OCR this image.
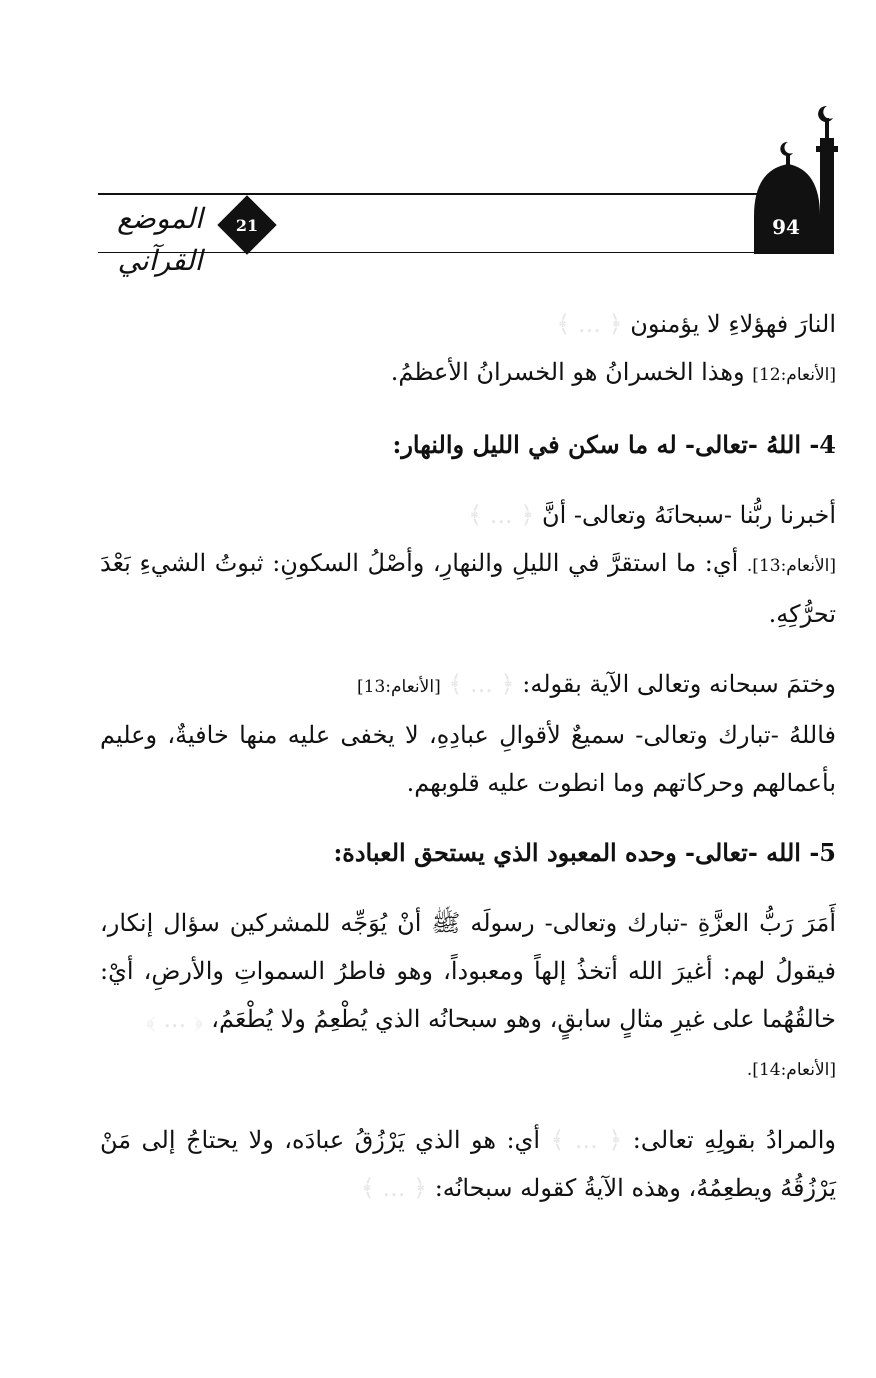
94
21
الموضع القرآني

النارَ فهؤلاءِ لا يؤمنون ﴿ ... ﴾
[الأنعام:12] وهذا الخسرانُ هو الخسرانُ الأعظمُ.

4- اللهُ -تعالى- له ما سكن في الليل والنهار:

أخبرنا ربُّنا -سبحانَهُ وتعالى- أنَّ ﴿ ... ﴾
[الأنعام:13]. أي: ما استقرَّ في الليلِ والنهارِ، وأصْلُ السكونِ: ثبوتُ الشيءِ بَعْدَ تحرُّكِهِ.

وختمَ سبحانه وتعالى الآية بقوله: ﴿ ... ﴾ [الأنعام:13]
فاللهُ -تبارك وتعالى- سميعٌ لأقوالِ عبادِهِ، لا يخفى عليه منها خافيةٌ، وعليم بأعمالهم وحركاتهم وما انطوت عليه قلوبهم.

5- الله -تعالى- وحده المعبود الذي يستحق العبادة:

أَمَرَ رَبُّ العزَّةِ -تبارك وتعالى- رسولَه ﷺ أنْ يُوَجِّه للمشركين سؤال إنكار، فيقولُ لهم: أغيرَ الله أتخذُ إلهاً ومعبوداً، وهو فاطرُ السمواتِ والأرضِ، أيْ: خالقُهُما على غيرِ مثالٍ سابقٍ، وهو سبحانُه الذي يُطْعِمُ ولا يُطْعَمُ، ﴿ ... ﴾
[الأنعام:14].

والمرادُ بقولِهِ تعالى: ﴿ ... ﴾ أي: هو الذي يَرْزُقُ عبادَه، ولا يحتاجُ إلى مَنْ يَرْزُقُهُ ويطعِمُهُ، وهذه الآيةُ كقوله سبحانُه: ﴿ ... ﴾
